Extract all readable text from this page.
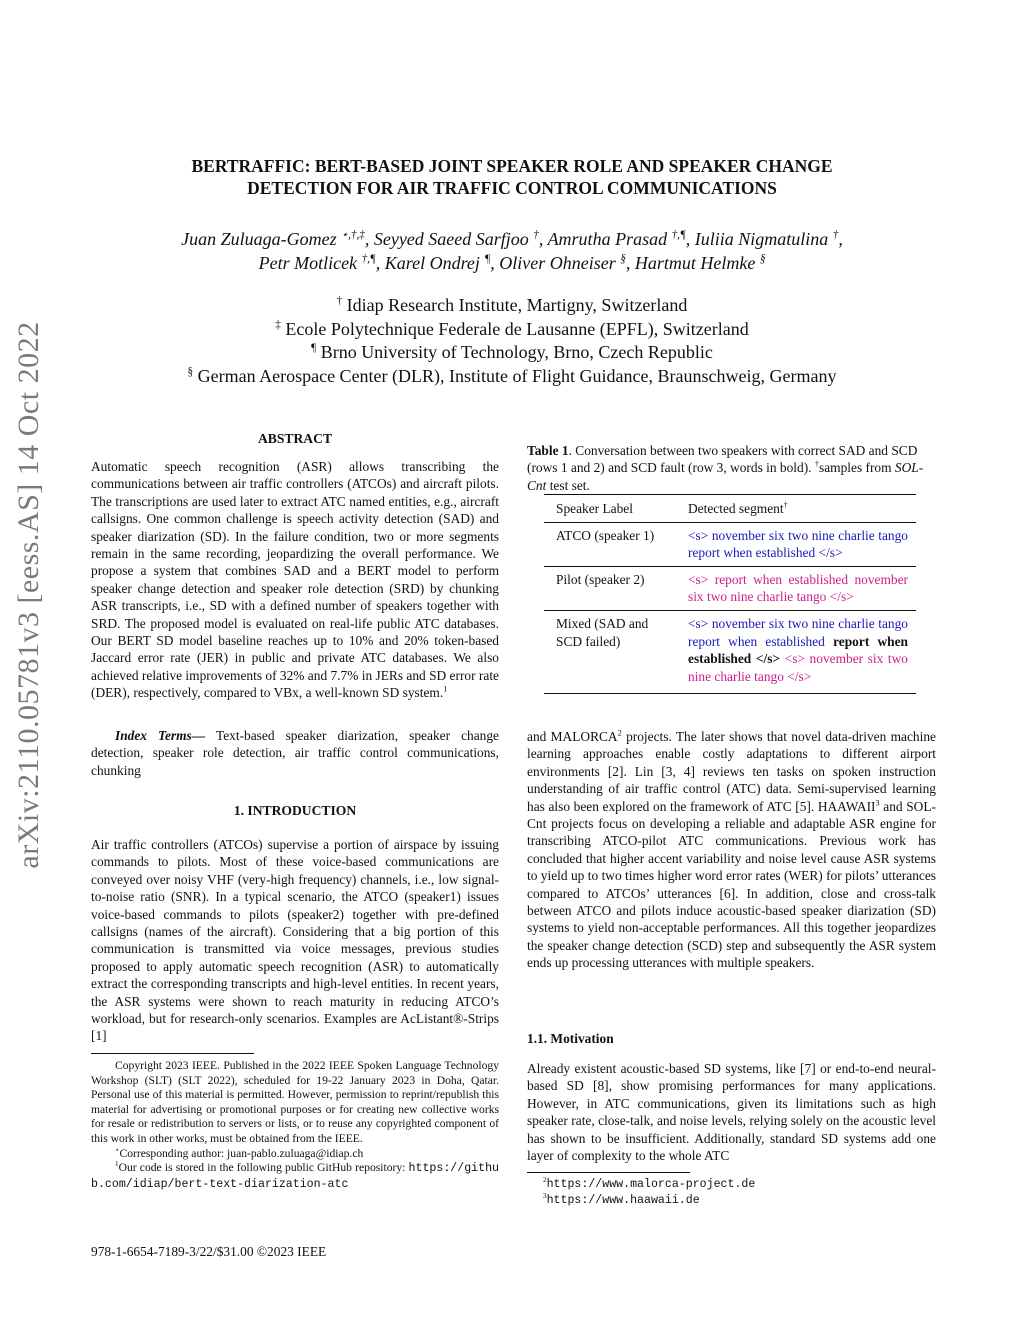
arXiv:2110.05781v3 [eess.AS] 14 Oct 2022
BERTRAFFIC: BERT-BASED JOINT SPEAKER ROLE AND SPEAKER CHANGE
DETECTION FOR AIR TRAFFIC CONTROL COMMUNICATIONS
Juan Zuluaga-Gomez ⋆,†,‡, Seyyed Saeed Sarfjoo †, Amrutha Prasad †,¶, Iuliia Nigmatulina †,
Petr Motlicek †,¶, Karel Ondrej ¶, Oliver Ohneiser §, Hartmut Helmke §
† Idiap Research Institute, Martigny, Switzerland
‡ Ecole Polytechnique Federale de Lausanne (EPFL), Switzerland
¶ Brno University of Technology, Brno, Czech Republic
§ German Aerospace Center (DLR), Institute of Flight Guidance, Braunschweig, Germany
ABSTRACT

Automatic speech recognition (ASR) allows transcribing the communications between air traffic controllers (ATCOs) and aircraft pilots. The transcriptions are used later to extract ATC named entities, e.g., aircraft callsigns. One common challenge is speech activity detection (SAD) and speaker diarization (SD). In the failure condition, two or more segments remain in the same recording, jeopardizing the overall performance. We propose a system that combines SAD and a BERT model to perform speaker change detection and speaker role detection (SRD) by chunking ASR transcripts, i.e., SD with a defined number of speakers together with SRD. The proposed model is evaluated on real-life public ATC databases. Our BERT SD model baseline reaches up to 10% and 20% token-based Jaccard error rate (JER) in public and private ATC databases. We also achieved relative improvements of 32% and 7.7% in JERs and SD error rate (DER), respectively, compared to VBx, a well-known SD system.$^1$

Index Terms— Text-based speaker diarization, speaker change detection, speaker role detection, air traffic control communications, chunking

1. INTRODUCTION

Air traffic controllers (ATCOs) supervise a portion of airspace by issuing commands to pilots. Most of these voice-based communications are conveyed over noisy VHF (very-high frequency) channels, i.e., low signal-to-noise ratio (SNR). In a typical scenario, the ATCO (speaker1) issues voice-based commands to pilots (speaker2) together with pre-defined callsigns (names of the aircraft). Considering that a big portion of this communication is transmitted via voice messages, previous studies proposed to apply automatic speech recognition (ASR) to automatically extract the corresponding transcripts and high-level entities. In recent years, the ASR systems were shown to reach maturity in reducing ATCO’s workload, but for research-only scenarios. Examples are AcListant®-Strips [1]

Copyright 2023 IEEE. Published in the 2022 IEEE Spoken Language Technology Workshop (SLT) (SLT 2022), scheduled for 19-22 January 2023 in Doha, Qatar. Personal use of this material is permitted. However, permission to reprint/republish this material for advertising or promotional purposes or for creating new collective works for resale or redistribution to servers or lists, or to reuse any copyrighted component of this work in other works, must be obtained from the IEEE.

⋆Corresponding author: juan-pablo.zuluaga@idiap.ch

$^1$Our code is stored in the following public GitHub repository: https://github.com/idiap/bert-text-diarization-atc

978-1-6654-7189-3/22/$31.00 ©2023 IEEE
Table 1. Conversation between two speakers with correct SAD and SCD (rows 1 and 2) and SCD fault (row 3, words in bold). †samples from SOL-Cnt test set.
Speaker Label	Detected segment†
ATCO (speaker 1)	<s> november six two nine charlie tango report when established </s>
Pilot (speaker 2)	<s> report when established november six two nine charlie tango </s>
Mixed (SAD and SCD failed)	<s> november six two nine charlie tango report when established report when established </s> <s> november six two nine charlie tango </s>

and MALORCA$^2$ projects. The later shows that novel data-driven machine learning approaches enable costly adaptations to different airport environments [2]. Lin [3, 4] reviews ten tasks on spoken instruction understanding of air traffic control (ATC) data. Semi-supervised learning has also been explored on the framework of ATC [5]. HAAWAII$^3$ and SOL-Cnt projects focus on developing a reliable and adaptable ASR engine for transcribing ATCO-pilot ATC communications. Previous work has concluded that higher accent variability and noise level cause ASR systems to yield up to two times higher word error rates (WER) for pilots’ utterances compared to ATCOs’ utterances [6]. In addition, close and cross-talk between ATCO and pilots induce acoustic-based speaker diarization (SD) systems to yield non-acceptable performances. All this together jeopardizes the speaker change detection (SCD) step and subsequently the ASR system ends up processing utterances with multiple speakers.

1.1. Motivation

Already existent acoustic-based SD systems, like [7] or end-to-end neural-based SD [8], show promising performances for many applications. However, in ATC communications, given its limitations such as high speaker rate, close-talk, and noise levels, relying solely on the acoustic level has shown to be insufficient. Additionally, standard SD systems add one layer of complexity to the whole ATC

$^2$https://www.malorca-project.de
$^3$https://www.haawaii.de
